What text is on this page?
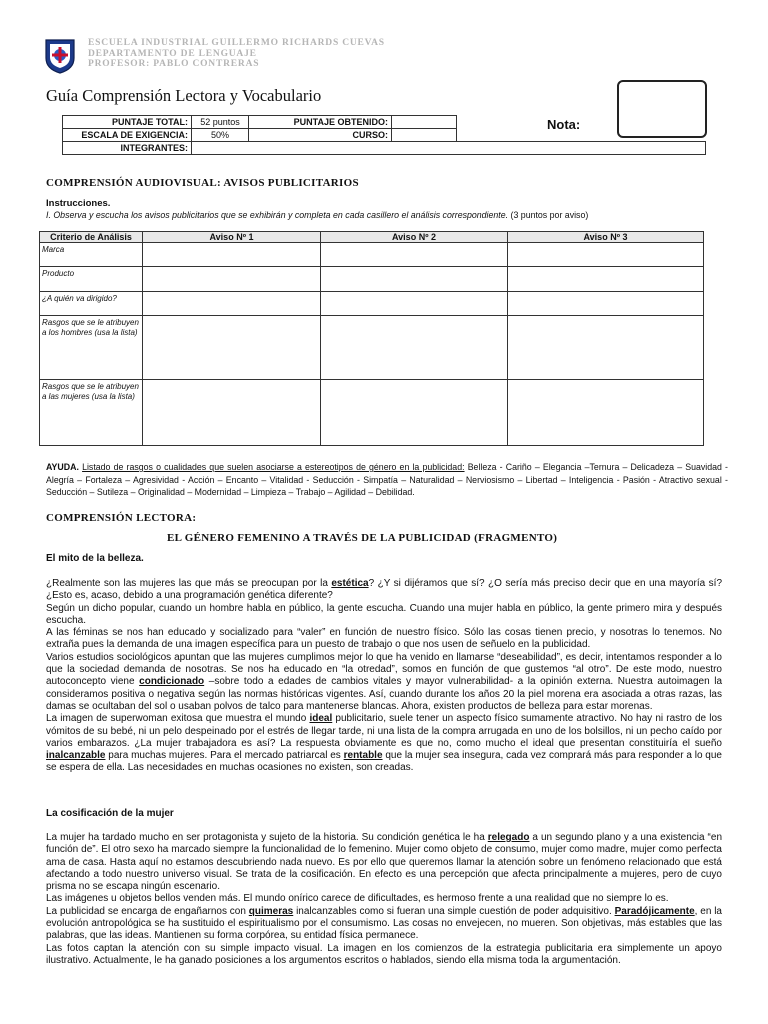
ESCUELA INDUSTRIAL GUILLERMO RICHARDS CUEVAS
DEPARTAMENTO DE LENGUAJE
PROFESOR: PABLO CONTRERAS
Guía Comprensión Lectora y Vocabulario
Nota:
PUNTAJE TOTAL:	52 puntos	PUNTAJE OBTENIDO:		
ESCALA DE EXIGENCIA:	50%	CURSO:		
INTEGRANTES:				
COMPRENSIÓN AUDIOVISUAL: AVISOS PUBLICITARIOS
Instrucciones.
I. Observa y escucha los avisos publicitarios que se exhibirán y completa en cada casillero el análisis correspondiente. (3 puntos por aviso)
Criterio de Análisis	Aviso Nº 1	Aviso Nº 2	Aviso Nº 3
Marca			
Producto			
¿A quién va dirigido?			
Rasgos que se le atribuyen a los hombres (usa la lista)			
Rasgos que se le atribuyen a las mujeres (usa la lista)			
AYUDA. Listado de rasgos o cualidades que suelen asociarse a estereotipos de género en la publicidad: Belleza - Cariño – Elegancia –Ternura – Delicadeza – Suavidad - Alegría – Fortaleza – Agresividad - Acción – Encanto – Vitalidad - Seducción - Simpatía – Naturalidad – Nerviosismo – Libertad – Inteligencia - Pasión - Atractivo sexual - Seducción – Sutileza – Originalidad – Modernidad – Limpieza – Trabajo – Agilidad – Debilidad.
COMPRENSIÓN LECTORA:
EL GÉNERO FEMENINO A TRAVÉS DE LA PUBLICIDAD (FRAGMENTO)
El mito de la belleza.

¿Realmente son las mujeres las que más se preocupan por la estética? ¿Y si dijéramos que sí? ¿O sería más preciso decir que en una mayoría sí? ¿Esto es, acaso, debido a una programación genética diferente?

Según un dicho popular, cuando un hombre habla en público, la gente escucha. Cuando una mujer habla en público, la gente primero mira y después escucha.

A las féminas se nos han educado y socializado para “valer” en función de nuestro físico. Sólo las cosas tienen precio, y nosotras lo tenemos. No extraña pues la demanda de una imagen específica para un puesto de trabajo o que nos usen de señuelo en la publicidad.

Varios estudios sociológicos apuntan que las mujeres cumplimos mejor lo que ha venido en llamarse “deseabilidad”, es decir, intentamos responder a lo que la sociedad demanda de nosotras. Se nos ha educado en “la otredad”, somos en función de que gustemos “al otro”. De este modo, nuestro autoconcepto viene condicionado –sobre todo a edades de cambios vitales y mayor vulnerabilidad- a la opinión externa. Nuestra autoimagen la consideramos positiva o negativa según las normas históricas vigentes. Así, cuando durante los años 20 la piel morena era asociada a otras razas, las damas se ocultaban del sol o usaban polvos de talco para mantenerse blancas. Ahora, existen productos de belleza para estar morenas.

La imagen de superwoman exitosa que muestra el mundo ideal publicitario, suele tener un aspecto físico sumamente atractivo. No hay ni rastro de los vómitos de su bebé, ni un pelo despeinado por el estrés de llegar tarde, ni una lista de la compra arrugada en uno de los bolsillos, ni un pecho caído por varios embarazos. ¿La mujer trabajadora es así? La respuesta obviamente es que no, como mucho el ideal que presentan constituiría el sueño inalcanzable para muchas mujeres. Para el mercado patriarcal es rentable que la mujer sea insegura, cada vez comprará más para responder a lo que se espera de ella. Las necesidades en muchas ocasiones no existen, son creadas.

La cosificación de la mujer

La mujer ha tardado mucho en ser protagonista y sujeto de la historia. Su condición genética le ha relegado a un segundo plano y a una existencia “en función de”. El otro sexo ha marcado siempre la funcionalidad de lo femenino. Mujer como objeto de consumo, mujer como madre, mujer como perfecta ama de casa. Hasta aquí no estamos descubriendo nada nuevo. Es por ello que queremos llamar la atención sobre un fenómeno relacionado que está afectando a todo nuestro universo visual. Se trata de la cosificación. En efecto es una percepción que afecta principalmente a mujeres, pero de cuyo prisma no se escapa ningún escenario.

Las imágenes u objetos bellos venden más. El mundo onírico carece de dificultades, es hermoso frente a una realidad que no siempre lo es.

La publicidad se encarga de engañarnos con quimeras inalcanzables como si fueran una simple cuestión de poder adquisitivo. Paradójicamente, en la evolución antropológica se ha sustituido el espiritualismo por el consumismo. Las cosas no envejecen, no mueren. Son objetivas, más estables que las palabras, que las ideas. Mantienen su forma corpórea, su entidad física permanece.

Las fotos captan la atención con su simple impacto visual. La imagen en los comienzos de la estrategia publicitaria era simplemente un apoyo ilustrativo. Actualmente, le ha ganado posiciones a los argumentos escritos o hablados, siendo ella misma toda la argumentación.
